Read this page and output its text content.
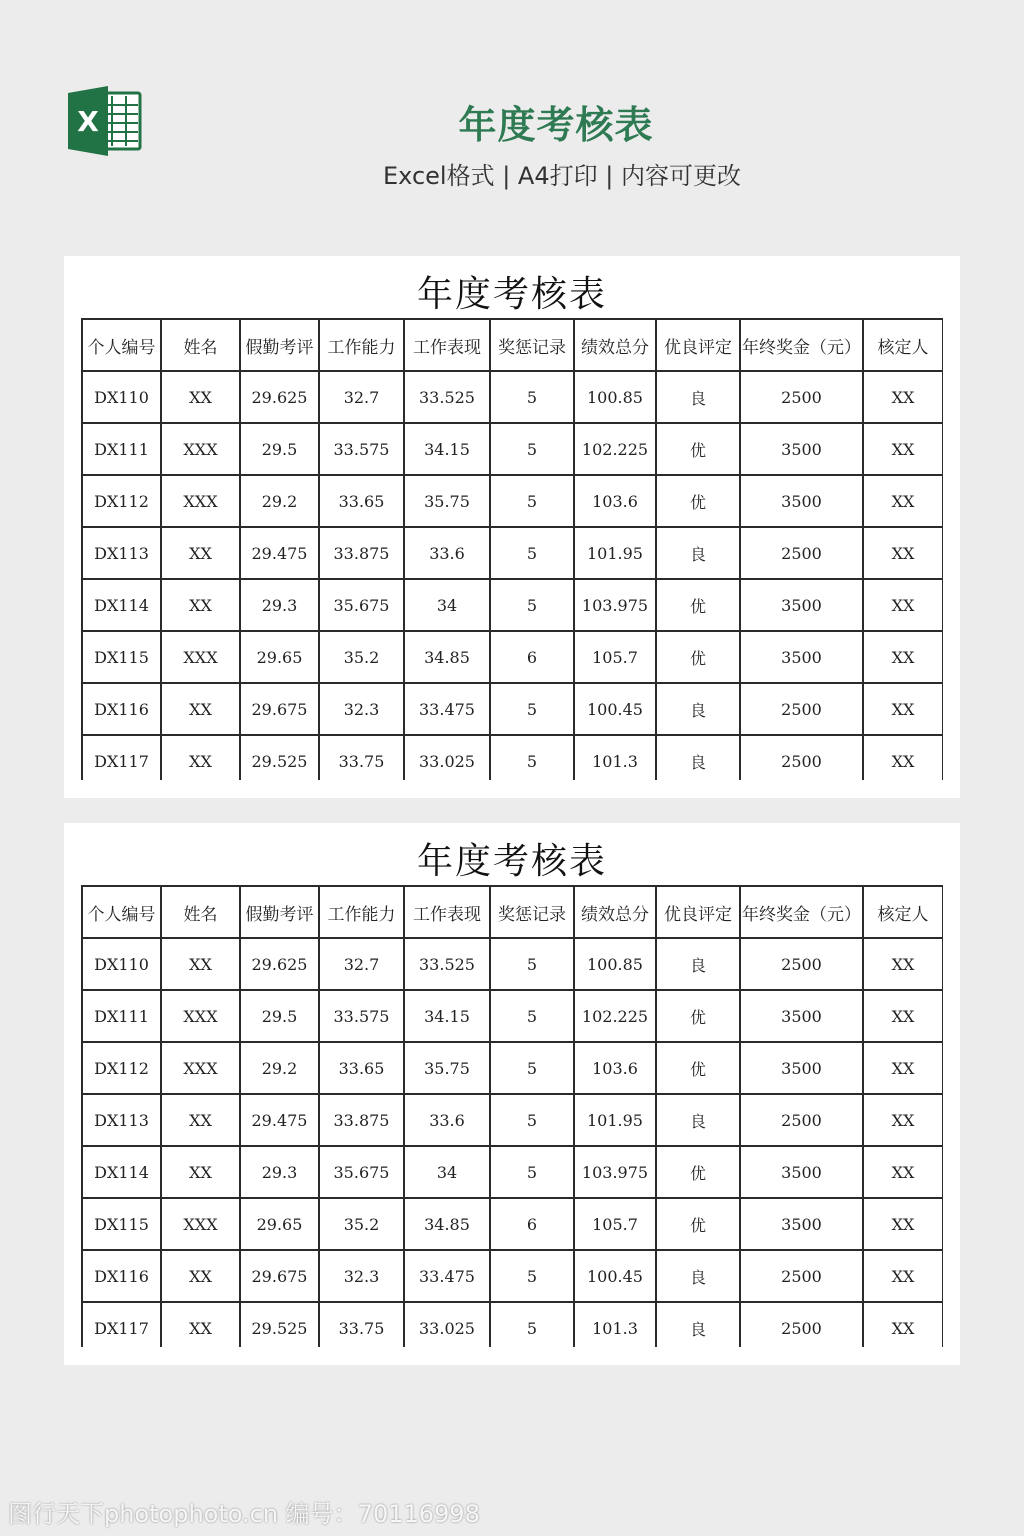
X	年度考核表
Excel格式 | A4打印 | 内容可更改
年度考核表
个人编号	姓名	假勤考评	工作能力	工作表现	奖惩记录	绩效总分	优良评定	年终奖金（元）	核定人
DX110	XX	29.625	32.7	33.525	5	100.85	良	2500	XX
DX111	XXX	29.5	33.575	34.15	5	102.225	优	3500	XX
DX112	XXX	29.2	33.65	35.75	5	103.6	优	3500	XX
DX113	XX	29.475	33.875	33.6	5	101.95	良	2500	XX
DX114	XX	29.3	35.675	34	5	103.975	优	3500	XX
DX115	XXX	29.65	35.2	34.85	6	105.7	优	3500	XX
DX116	XX	29.675	32.3	33.475	5	100.45	良	2500	XX
DX117	XX	29.525	33.75	33.025	5	101.3	良	2500	XX
年度考核表
个人编号	姓名	假勤考评	工作能力	工作表现	奖惩记录	绩效总分	优良评定	年终奖金（元）	核定人
DX110	XX	29.625	32.7	33.525	5	100.85	良	2500	XX
DX111	XXX	29.5	33.575	34.15	5	102.225	优	3500	XX
DX112	XXX	29.2	33.65	35.75	5	103.6	优	3500	XX
DX113	XX	29.475	33.875	33.6	5	101.95	良	2500	XX
DX114	XX	29.3	35.675	34	5	103.975	优	3500	XX
DX115	XXX	29.65	35.2	34.85	6	105.7	优	3500	XX
DX116	XX	29.675	32.3	33.475	5	100.45	良	2500	XX
DX117	XX	29.525	33.75	33.025	5	101.3	良	2500	XX
图行天下photophoto.cn 编号：70116998
